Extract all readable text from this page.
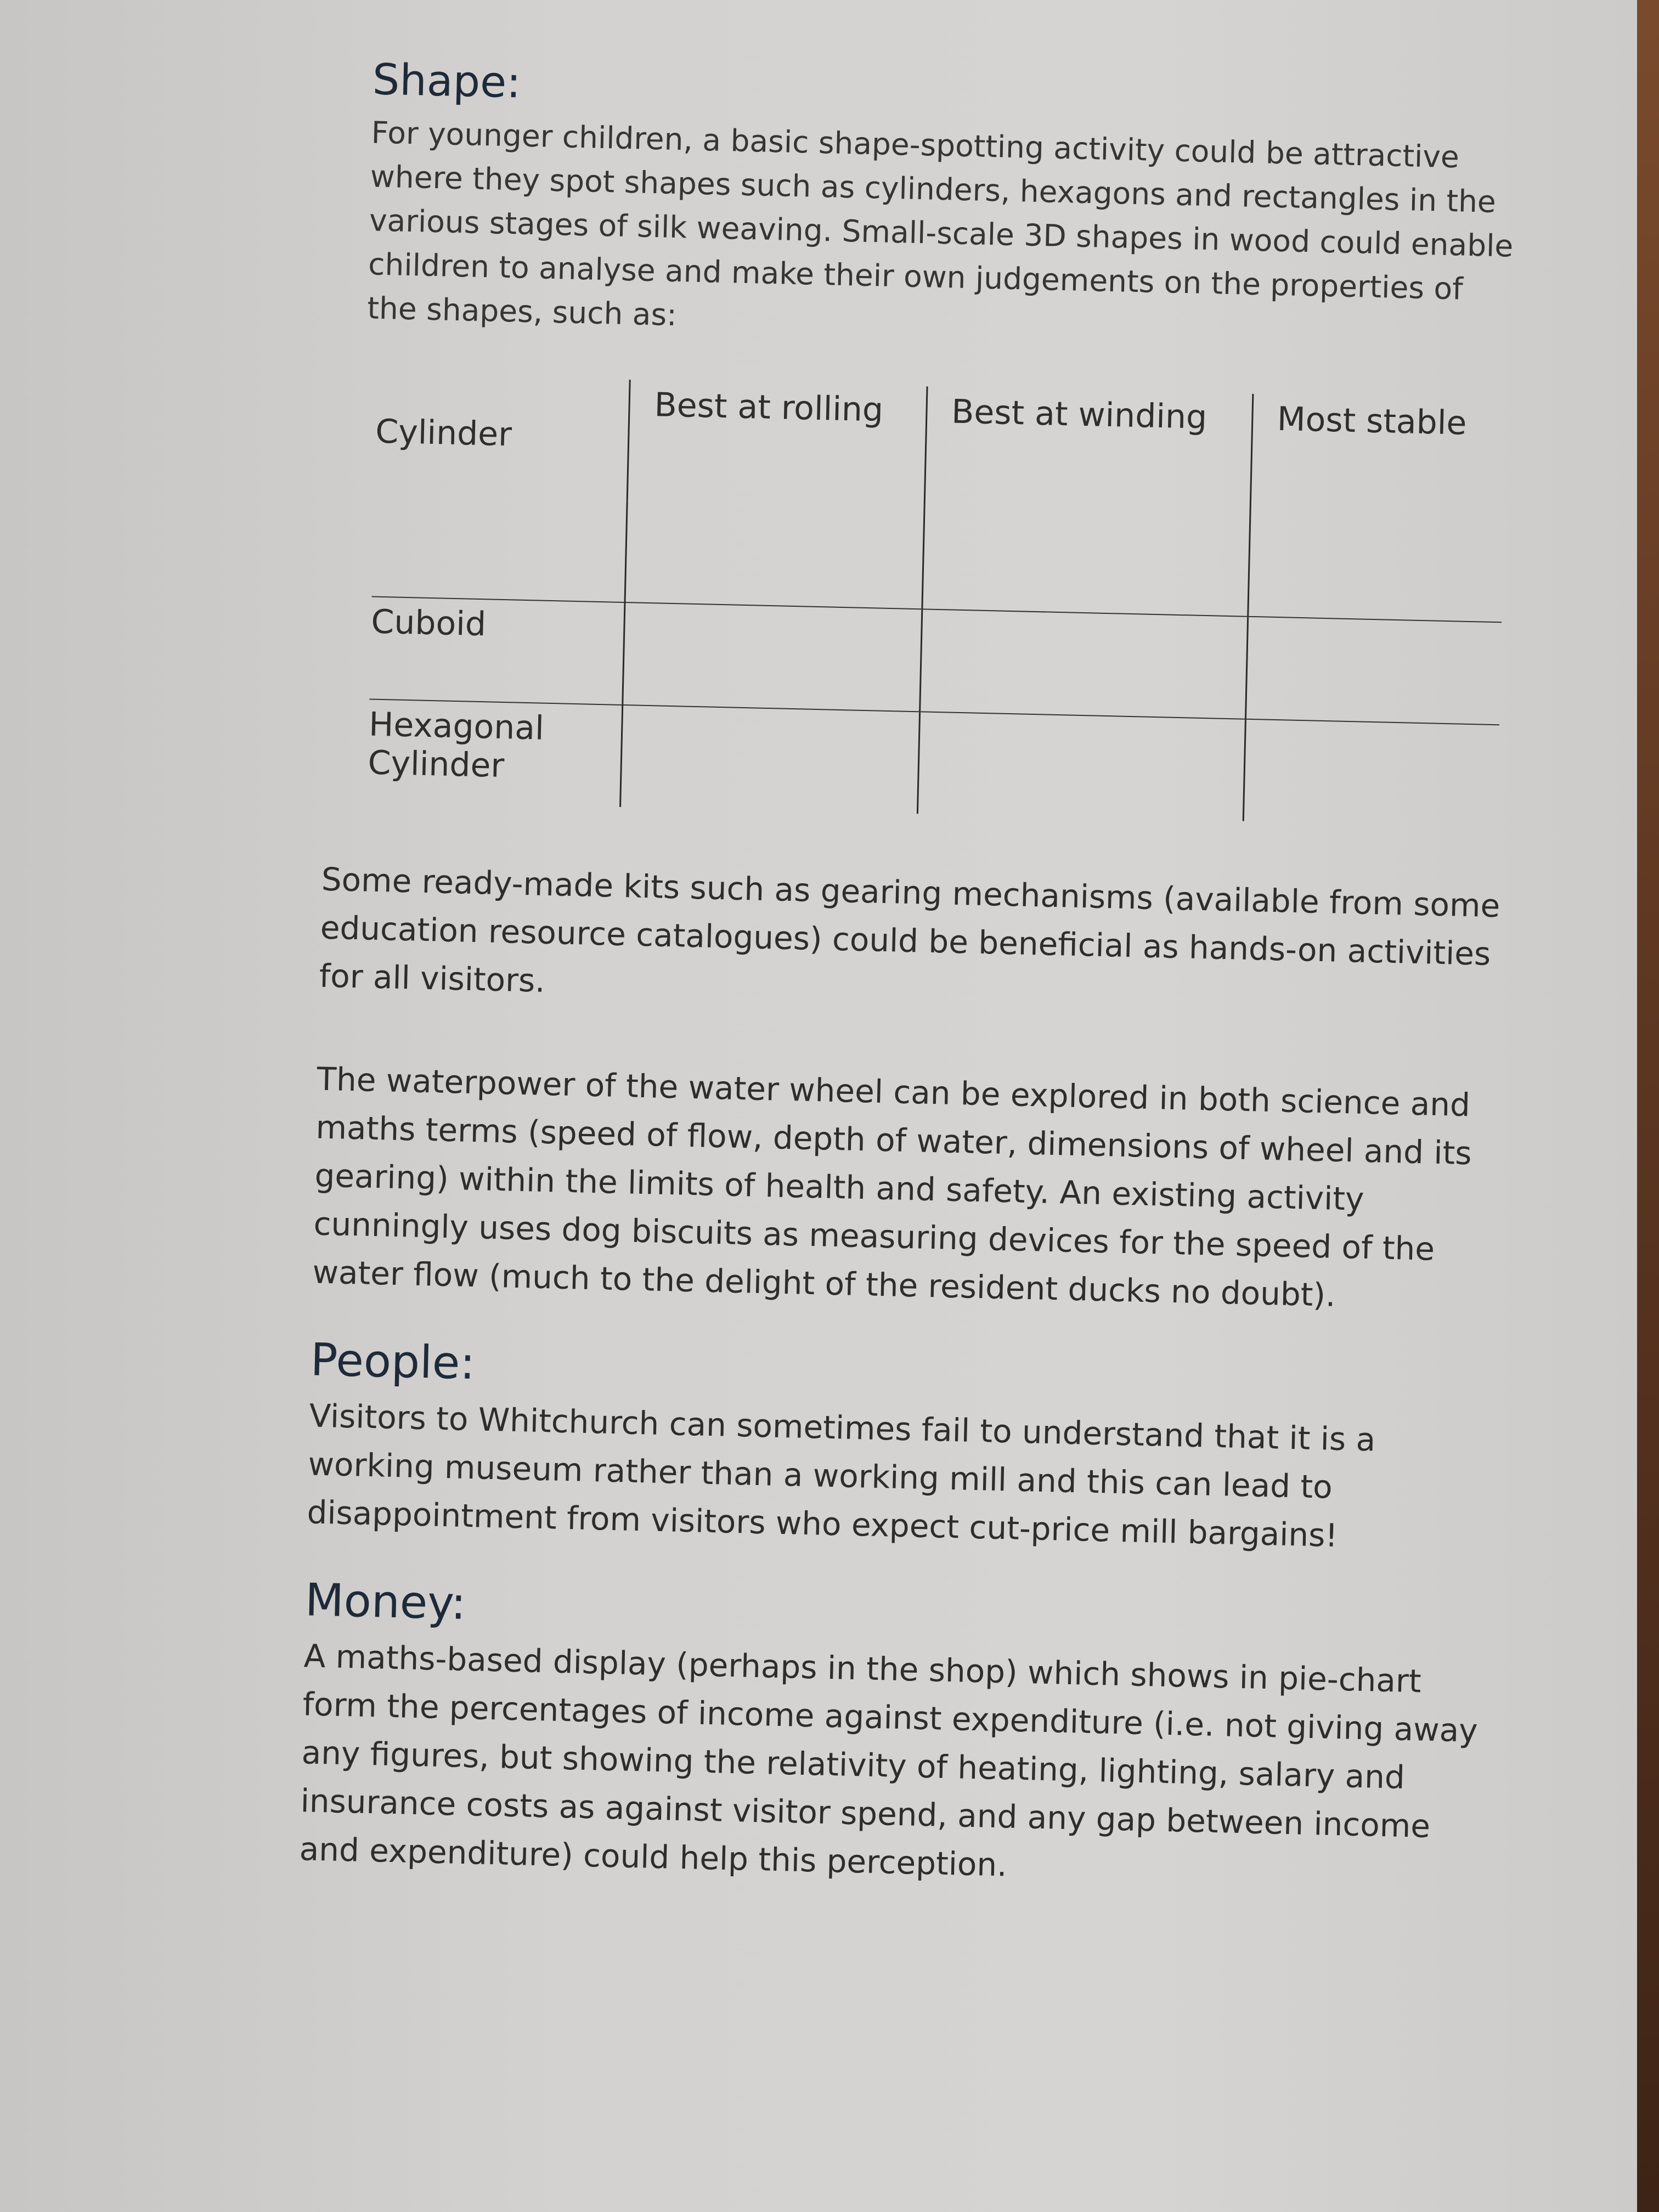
Shape:

For younger children, a basic shape-spotting activity could be attractive where they spot shapes such as cylinders, hexagons and rectangles in the various stages of silk weaving. Small-scale 3D shapes in wood could enable children to analyse and make their own judgements on the properties of the shapes, such as:

	Best at rolling	Best at winding	Most stable

Cylinder			

Cuboid			
Hexagonal Cylinder			

Some ready-made kits such as gearing mechanisms (available from some education resource catalogues) could be beneficial as hands-on activities for all visitors.

The waterpower of the water wheel can be explored in both science and maths terms (speed of flow, depth of water, dimensions of wheel and its gearing) within the limits of health and safety. An existing activity cunningly uses dog biscuits as measuring devices for the speed of the water flow (much to the delight of the resident ducks no doubt).

People:

Visitors to Whitchurch can sometimes fail to understand that it is a working museum rather than a working mill and this can lead to disappointment from visitors who expect cut-price mill bargains!

Money:

A maths-based display (perhaps in the shop) which shows in pie-chart form the percentages of income against expenditure (i.e. not giving away any figures, but showing the relativity of heating, lighting, salary and insurance costs as against visitor spend, and any gap between income and expenditure) could help this perception.
